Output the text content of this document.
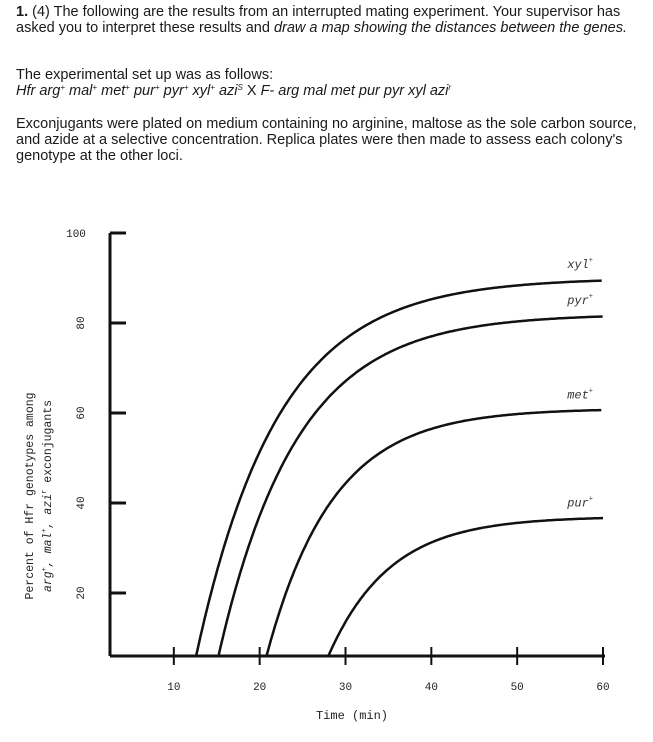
1. (4) The following are the results from an interrupted mating experiment. Your supervisor has asked you to interpret these results and draw a map showing the distances between the genes.

The experimental set up was as follows:

Hfr arg+ mal+ met+ pur+ pyr+ xyl+ azi$^S$ X F- arg mal met pur pyr xyl azi$^r$

Exconjugants were plated on medium containing no arginine, maltose as the sole carbon source, and azide at a selective concentration. Replica plates were then made to assess each colony's genotype at the other loci.

Percent of Hfr genotypes among arg+, mal+, azi$^r$ exconjugants
Time (min)
20
40
60
80
100
10	20	30	40	50	60
xyl+
pyr+
met+
pur+
